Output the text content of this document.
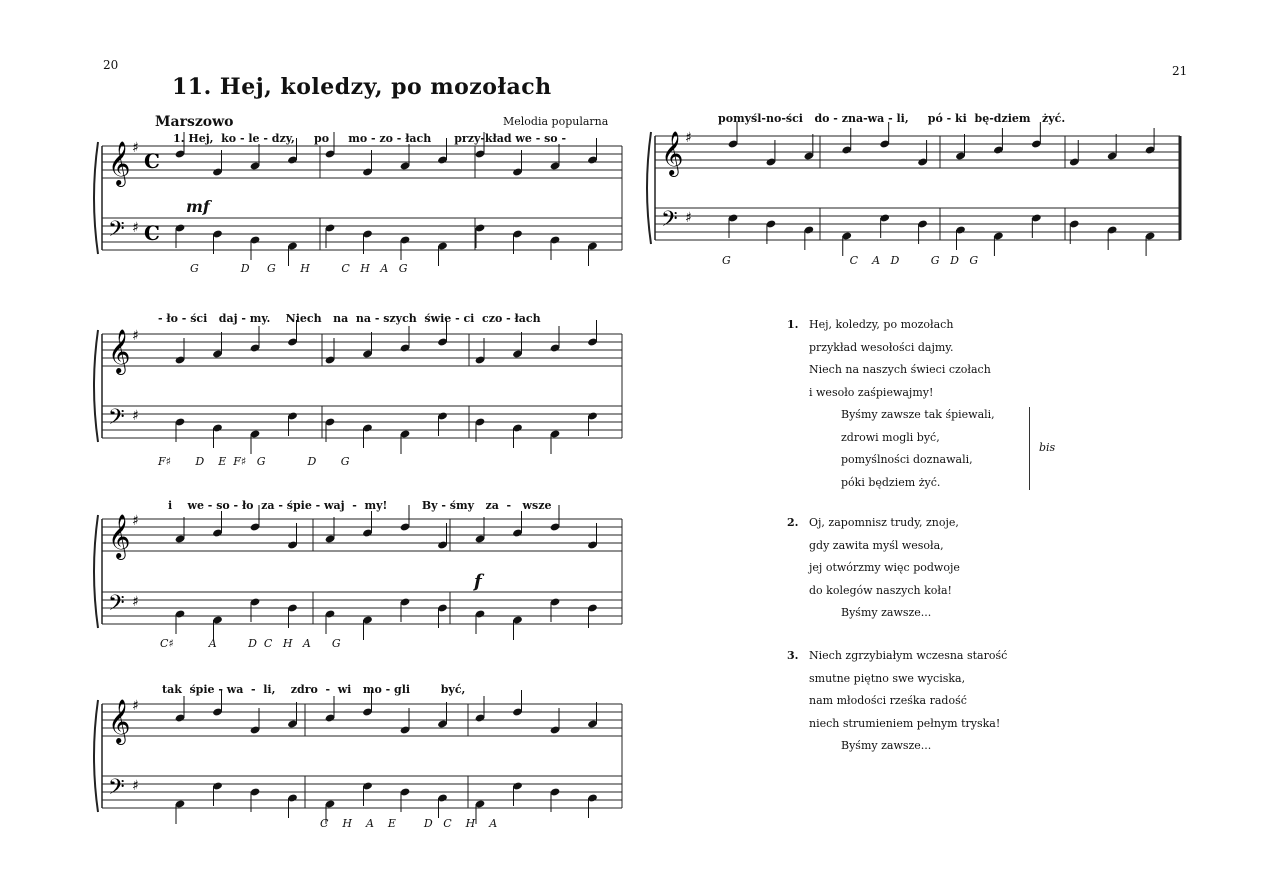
20	21
11. Hej, koledzy, po mozołach
Marszowo	Melodia popularna
𝄞
𝄢
♯
♯
C
C
𝄞
𝄢
♯
♯
𝄞
𝄢
♯
♯
𝄞
𝄢
♯
♯
𝄞
𝄢
♯
♯
1. Hej,  ko - le - dzy,     po     mo - zo - łach      przy-kład we - so -
G            D     G       H         C   H   A   G
- ło - ści   daj - my.    Niech   na  na - szych  świe - ci  czo - łach
F♯       D    E  F♯   G            D       G
i    we - so - ło  za - śpie - waj  -  my!         By - śmy   za  -   wsze
C♯          A         D  C   H   A      G
tak  śpie - wa  -  li,    zdro  -  wi   mo - gli        być,
C    H    A    E        D   C    H    A
pomyśl-no-ści   do - zna-wa - li,     pó - ki  bę-dziem   żyć.
G                                  C    A   D         G   D   G
mf
f
1. Hej, koledzy, po mozołach
przykład wesołości dajmy.
Niech na naszych świeci czołach
i wesoło zaśpiewajmy!
Byśmy zawsze tak śpiewali,
zdrowi mogli być,
pomyślności doznawali,
póki będziem żyć.
bis
2. Oj, zapomnisz trudy, znoje,
gdy zawita myśl wesoła,
jej otwórzmy więc podwoje
do kolegów naszych koła!
Byśmy zawsze...
3. Niech zgrzybiałym wczesna starość
smutne piętno swe wyciska,
nam młodości rześka radość
niech strumieniem pełnym tryska!
Byśmy zawsze...
